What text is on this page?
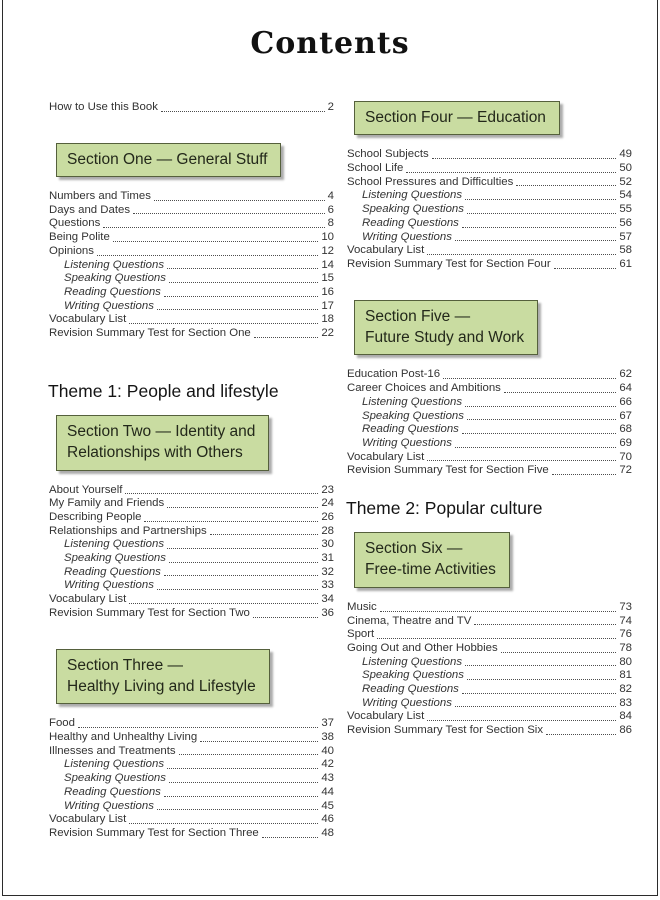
Contents
How to Use this Book	2
Section One — General Stuff
Numbers and Times	4
Days and Dates	6
Questions	8
Being Polite	10
Opinions	12
Listening Questions	14
Speaking Questions	15
Reading Questions	16
Writing Questions	17
Vocabulary List	18
Revision Summary Test for Section One	22
Theme 1: People and lifestyle
Section Two — Identity and
Relationships with Others
About Yourself	23
My Family and Friends	24
Describing People	26
Relationships and Partnerships	28
Listening Questions	30
Speaking Questions	31
Reading Questions	32
Writing Questions	33
Vocabulary List	34
Revision Summary Test for Section Two	36
Section Three —
Healthy Living and Lifestyle
Food	37
Healthy and Unhealthy Living	38
Illnesses and Treatments	40
Listening Questions	42
Speaking Questions	43
Reading Questions	44
Writing Questions	45
Vocabulary List	46
Revision Summary Test for Section Three	48
Section Four — Education
School Subjects	49
School Life	50
School Pressures and Difficulties	52
Listening Questions	54
Speaking Questions	55
Reading Questions	56
Writing Questions	57
Vocabulary List	58
Revision Summary Test for Section Four	61
Section Five —
Future Study and Work
Education Post-16	62
Career Choices and Ambitions	64
Listening Questions	66
Speaking Questions	67
Reading Questions	68
Writing Questions	69
Vocabulary List	70
Revision Summary Test for Section Five	72
Theme 2: Popular culture
Section Six —
Free-time Activities
Music	73
Cinema, Theatre and TV	74
Sport	76
Going Out and Other Hobbies	78
Listening Questions	80
Speaking Questions	81
Reading Questions	82
Writing Questions	83
Vocabulary List	84
Revision Summary Test for Section Six	86
